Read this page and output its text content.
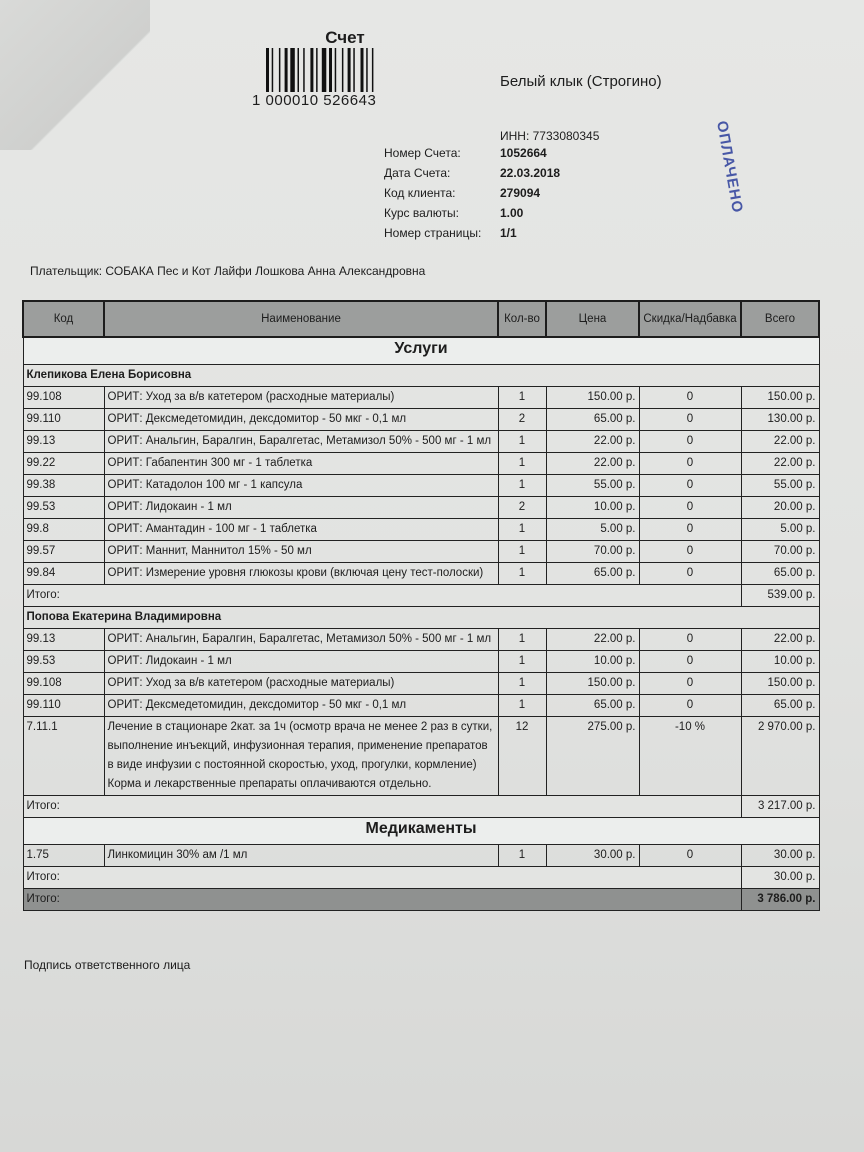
Счет
1 000010 526643
Белый клык (Строгино)
ИНН: 7733080345
Номер Счета:	1052664
Дата Счета:	22.03.2018
Код клиента:	279094
Курс валюты:	1.00
Номер страницы:	1/1
ОПЛАЧЕНО
Плательщик: СОБАКА Пес и Кот Лайфи Лошкова Анна Александровна
Код	Наименование	Кол-во	Цена	Скидка/Надбавка	Всего
Услуги					
Клепикова Елена Борисовна					
99.108	ОРИТ: Уход за в/в катетером (расходные материалы)	1	150.00 р.	0	150.00 р.
99.110	ОРИТ: Дексмедетомидин, дексдомитор - 50 мкг - 0,1 мл	2	65.00 р.	0	130.00 р.
99.13	ОРИТ: Анальгин, Баралгин, Баралгетас, Метамизол 50% - 500 мг - 1 мл	1	22.00 р.	0	22.00 р.
99.22	ОРИТ: Габапентин 300 мг - 1 таблетка	1	22.00 р.	0	22.00 р.
99.38	ОРИТ: Катадолон 100 мг - 1 капсула	1	55.00 р.	0	55.00 р.
99.53	ОРИТ: Лидокаин - 1 мл	2	10.00 р.	0	20.00 р.
99.8	ОРИТ: Амантадин - 100 мг - 1 таблетка	1	5.00 р.	0	5.00 р.
99.57	ОРИТ: Маннит, Маннитол 15% - 50 мл	1	70.00 р.	0	70.00 р.
99.84	ОРИТ: Измерение уровня глюкозы крови (включая цену тест-полоски)	1	65.00 р.	0	65.00 р.
Итого:					539.00 р.
Попова Екатерина Владимировна					
99.13	ОРИТ: Анальгин, Баралгин, Баралгетас, Метамизол 50% - 500 мг - 1 мл	1	22.00 р.	0	22.00 р.
99.53	ОРИТ: Лидокаин - 1 мл	1	10.00 р.	0	10.00 р.
99.108	ОРИТ: Уход за в/в катетером (расходные материалы)	1	150.00 р.	0	150.00 р.
99.110	ОРИТ: Дексмедетомидин, дексдомитор - 50 мкг - 0,1 мл	1	65.00 р.	0	65.00 р.
7.11.1	Лечение в стационаре 2кат. за 1ч (осмотр врача не менее 2 раз в сутки, выполнение инъекций, инфузионная терапия, применение препаратов в виде инфузии с постоянной скоростью, уход, прогулки, кормление) Корма и лекарственные препараты оплачиваются отдельно.	12	275.00 р.	-10 %	2 970.00 р.
Итого:					3 217.00 р.
Медикаменты					
1.75	Линкомицин 30% ам /1 мл	1	30.00 р.	0	30.00 р.
Итого:					30.00 р.
Итого:					3 786.00 р.
Подпись ответственного лица
